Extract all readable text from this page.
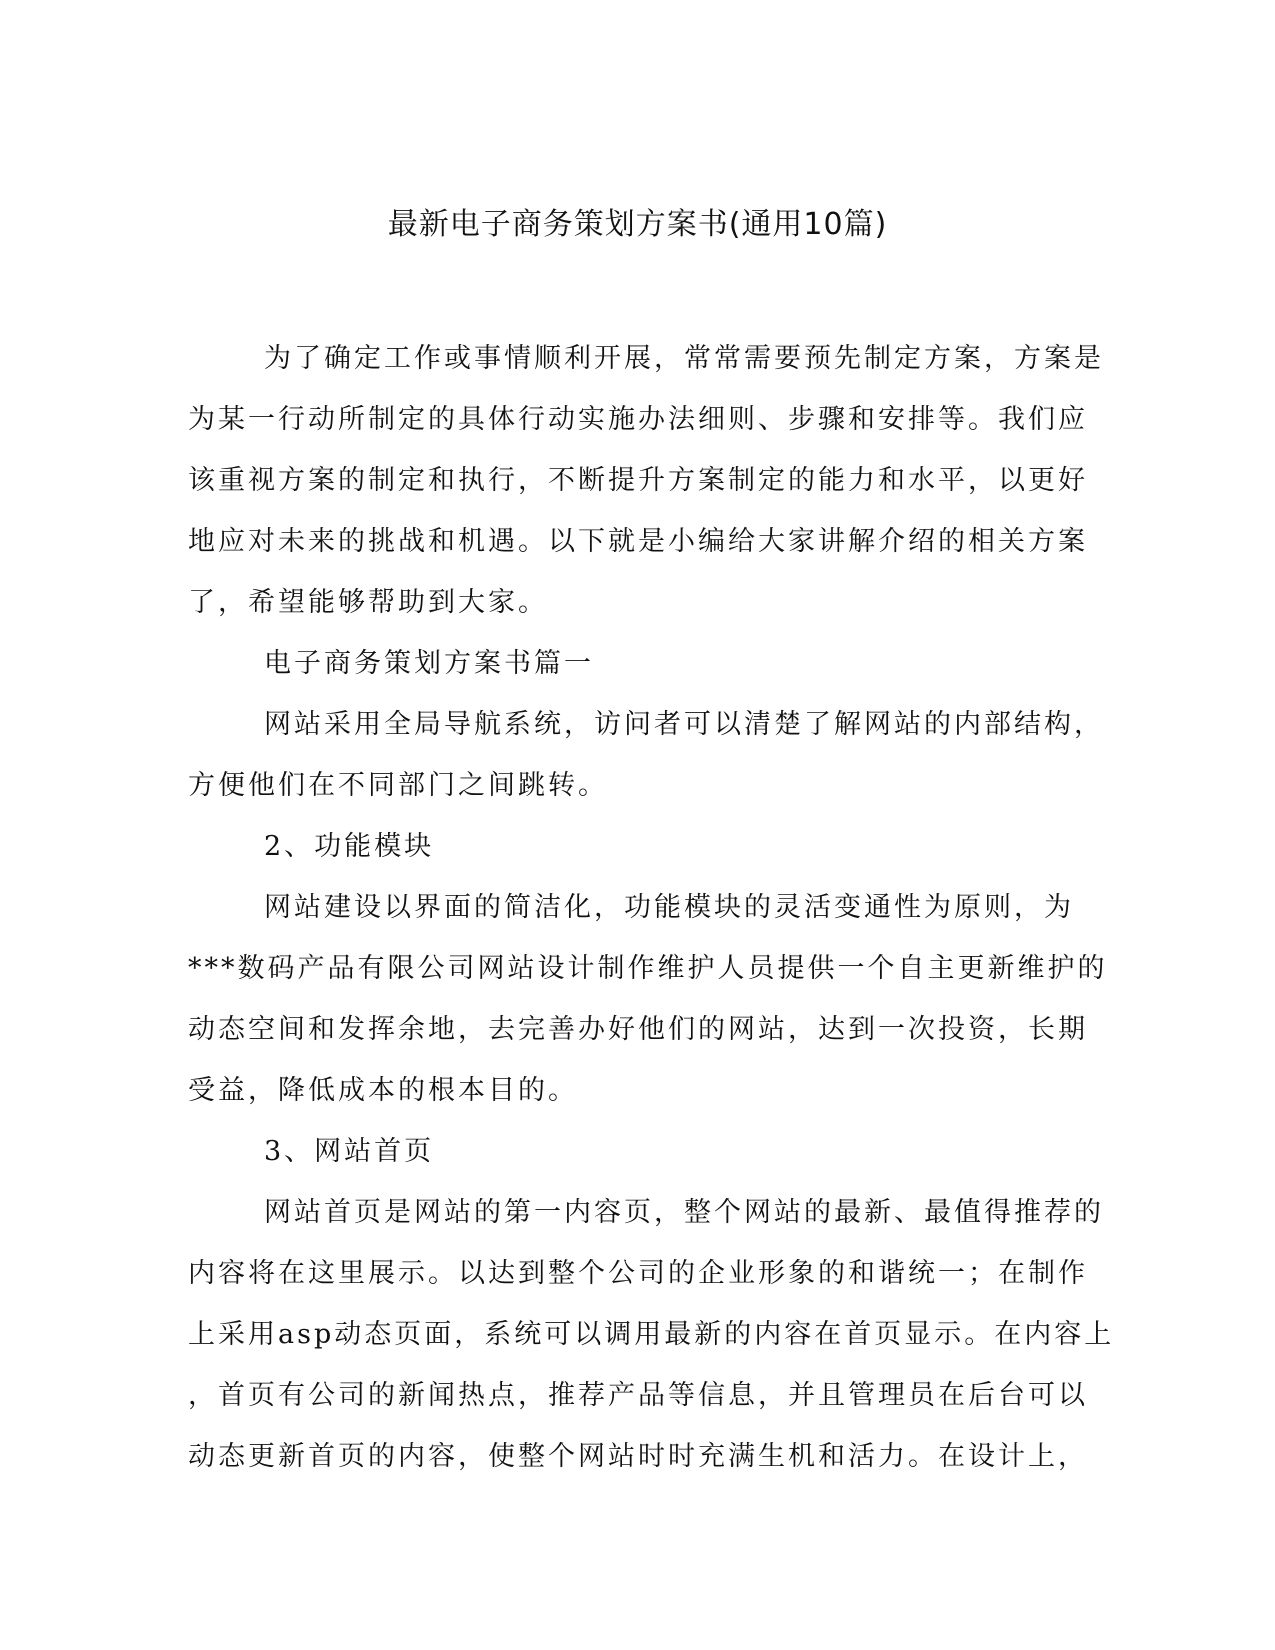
最新电子商务策划方案书(通用10篇)

为了确定工作或事情顺利开展，常常需要预先制定方案，方案是
为某一行动所制定的具体行动实施办法细则、步骤和安排等。我们应
该重视方案的制定和执行，不断提升方案制定的能力和水平，以更好
地应对未来的挑战和机遇。以下就是小编给大家讲解介绍的相关方案
了，希望能够帮助到大家。

电子商务策划方案书篇一

网站采用全局导航系统，访问者可以清楚了解网站的内部结构，
方便他们在不同部门之间跳转。

2、功能模块

网站建设以界面的简洁化，功能模块的灵活变通性为原则，为
***数码产品有限公司网站设计制作维护人员提供一个自主更新维护的
动态空间和发挥余地，去完善办好他们的网站，达到一次投资，长期
受益，降低成本的根本目的。

3、网站首页

网站首页是网站的第一内容页，整个网站的最新、最值得推荐的
内容将在这里展示。以达到整个公司的企业形象的和谐统一；在制作
上采用asp动态页面，系统可以调用最新的内容在首页显示。在内容上
，首页有公司的新闻热点，推荐产品等信息，并且管理员在后台可以
动态更新首页的内容，使整个网站时时充满生机和活力。在设计上，
